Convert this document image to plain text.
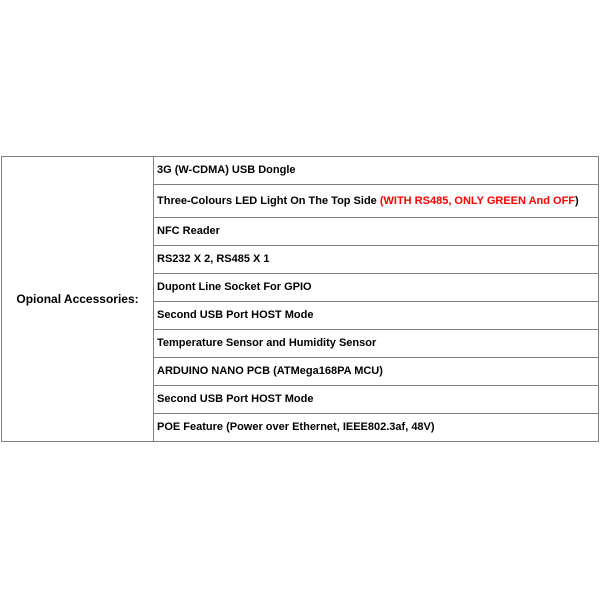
Opional Accessories:	3G (W-CDMA) USB Dongle
Three-Colours LED Light On The Top Side (WITH RS485, ONLY GREEN And OFF)
NFC Reader
RS232 X 2, RS485 X 1
Dupont Line Socket For GPIO
Second USB Port HOST Mode
Temperature Sensor and Humidity Sensor
ARDUINO NANO PCB (ATMega168PA MCU)
Second USB Port HOST Mode
POE Feature (Power over Ethernet, IEEE802.3af, 48V)
